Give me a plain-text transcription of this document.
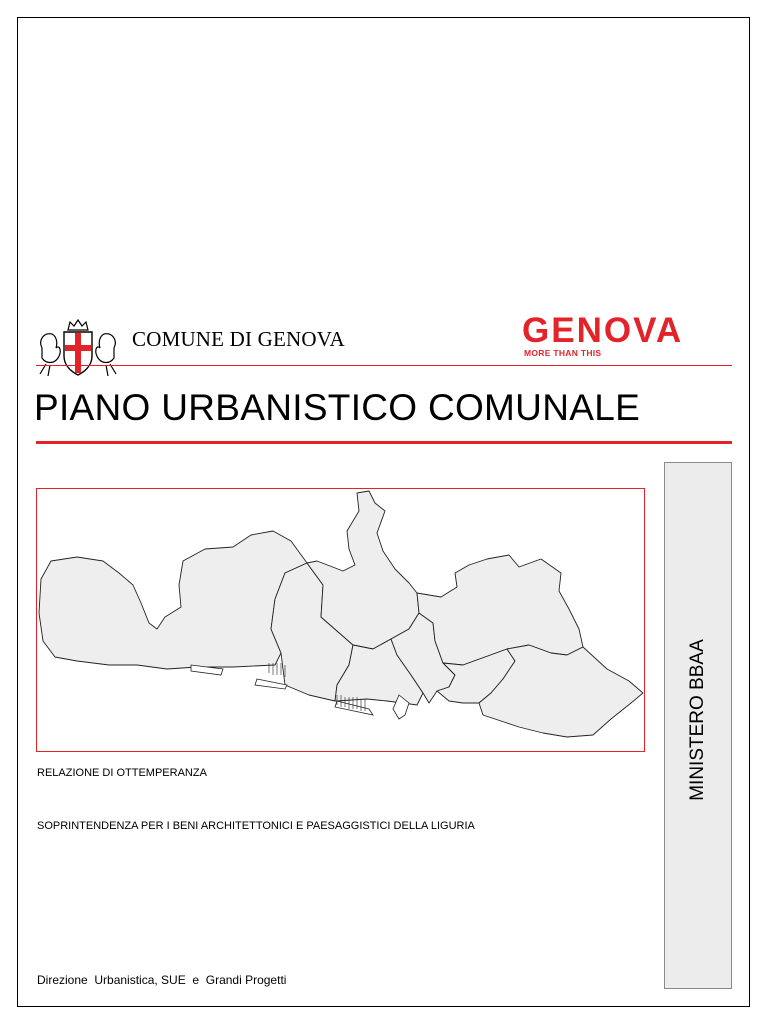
COMUNE DI GENOVA	GENOVA
MORE THAN THIS
PIANO URBANISTICO COMUNALE
MINISTERO BBAA
RELAZIONE DI OTTEMPERANZA
SOPRINTENDENZA PER I BENI ARCHITETTONICI E PAESAGGISTICI DELLA LIGURIA
Direzione  Urbanistica, SUE  e  Grandi Progetti
